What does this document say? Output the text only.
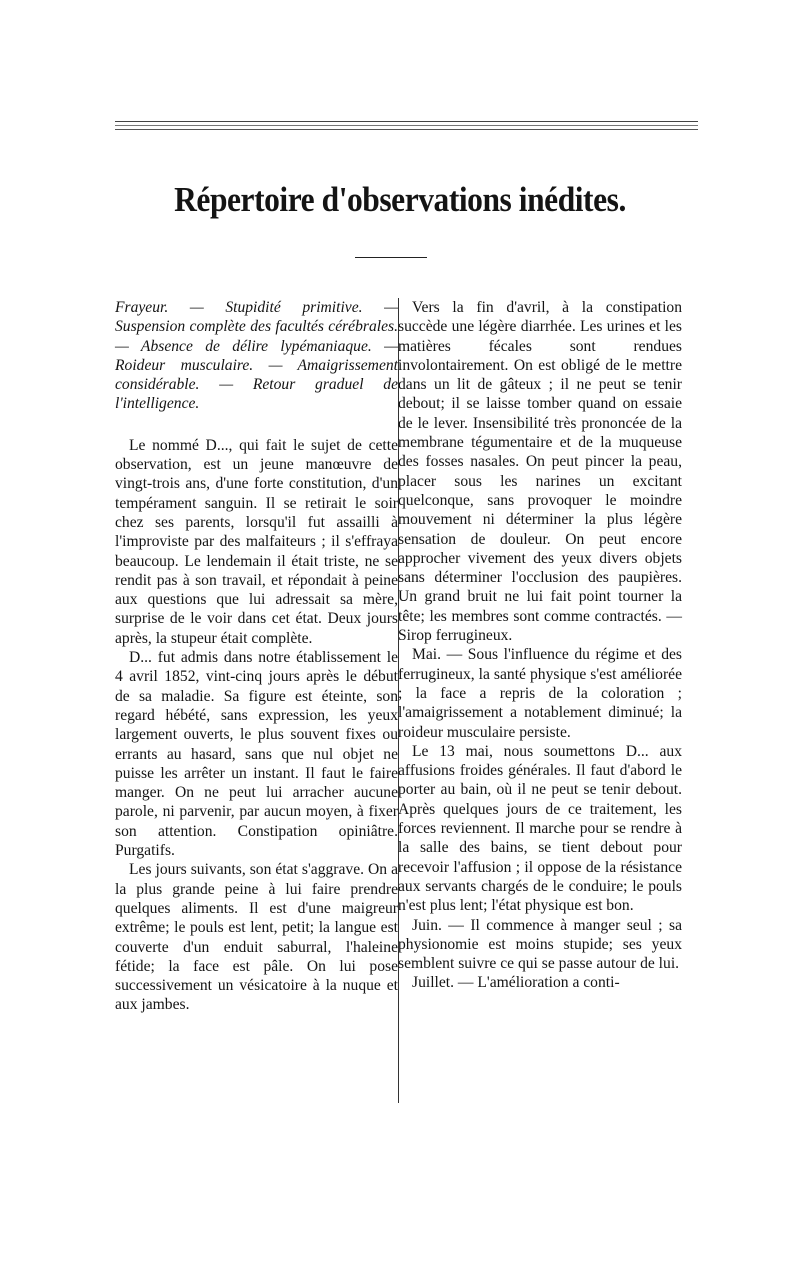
Répertoire d'observations inédites.

Frayeur. — Stupidité primitive. — Suspension complète des facultés cérébrales. — Absence de délire lypémaniaque. — Roideur musculaire. — Amaigrissement considérable. — Retour graduel de l'intelligence.

Le nommé D..., qui fait le sujet de cette observation, est un jeune manœuvre de vingt-trois ans, d'une forte constitution, d'un tempérament sanguin. Il se retirait le soir chez ses parents, lorsqu'il fut assailli à l'improviste par des malfaiteurs ; il s'effraya beaucoup. Le lendemain il était triste, ne se rendit pas à son travail, et répondait à peine aux questions que lui adressait sa mère, surprise de le voir dans cet état. Deux jours après, la stupeur était complète.

D... fut admis dans notre établissement le 4 avril 1852, vint-cinq jours après le début de sa maladie. Sa figure est éteinte, son regard hébété, sans expression, les yeux largement ouverts, le plus souvent fixes ou errants au hasard, sans que nul objet ne puisse les arrêter un instant. Il faut le faire manger. On ne peut lui arracher aucune parole, ni parvenir, par aucun moyen, à fixer son attention. Constipation opiniâtre. Purgatifs.

Les jours suivants, son état s'aggrave. On a la plus grande peine à lui faire prendre quelques aliments. Il est d'une maigreur extrême; le pouls est lent, petit; la langue est couverte d'un enduit saburral, l'haleine fétide; la face est pâle. On lui pose successivement un vésicatoire à la nuque et aux jambes.

Vers la fin d'avril, à la constipation succède une légère diarrhée. Les urines et les matières fécales sont rendues involontairement. On est obligé de le mettre dans un lit de gâteux ; il ne peut se tenir debout; il se laisse tomber quand on essaie de le lever. Insensibilité très prononcée de la membrane tégumentaire et de la muqueuse des fosses nasales. On peut pincer la peau, placer sous les narines un excitant quelconque, sans provoquer le moindre mouvement ni déterminer la plus légère sensation de douleur. On peut encore approcher vivement des yeux divers objets sans déterminer l'occlusion des paupières. Un grand bruit ne lui fait point tourner la tête; les membres sont comme contractés. — Sirop ferrugineux.

Mai. — Sous l'influence du régime et des ferrugineux, la santé physique s'est améliorée ; la face a repris de la coloration ; l'amaigrissement a notablement diminué; la roideur musculaire persiste.

Le 13 mai, nous soumettons D... aux affusions froides générales. Il faut d'abord le porter au bain, où il ne peut se tenir debout. Après quelques jours de ce traitement, les forces reviennent. Il marche pour se rendre à la salle des bains, se tient debout pour recevoir l'affusion ; il oppose de la résistance aux servants chargés de le conduire; le pouls n'est plus lent; l'état physique est bon.

Juin. — Il commence à manger seul ; sa physionomie est moins stupide; ses yeux semblent suivre ce qui se passe autour de lui.

Juillet. — L'amélioration a conti-
